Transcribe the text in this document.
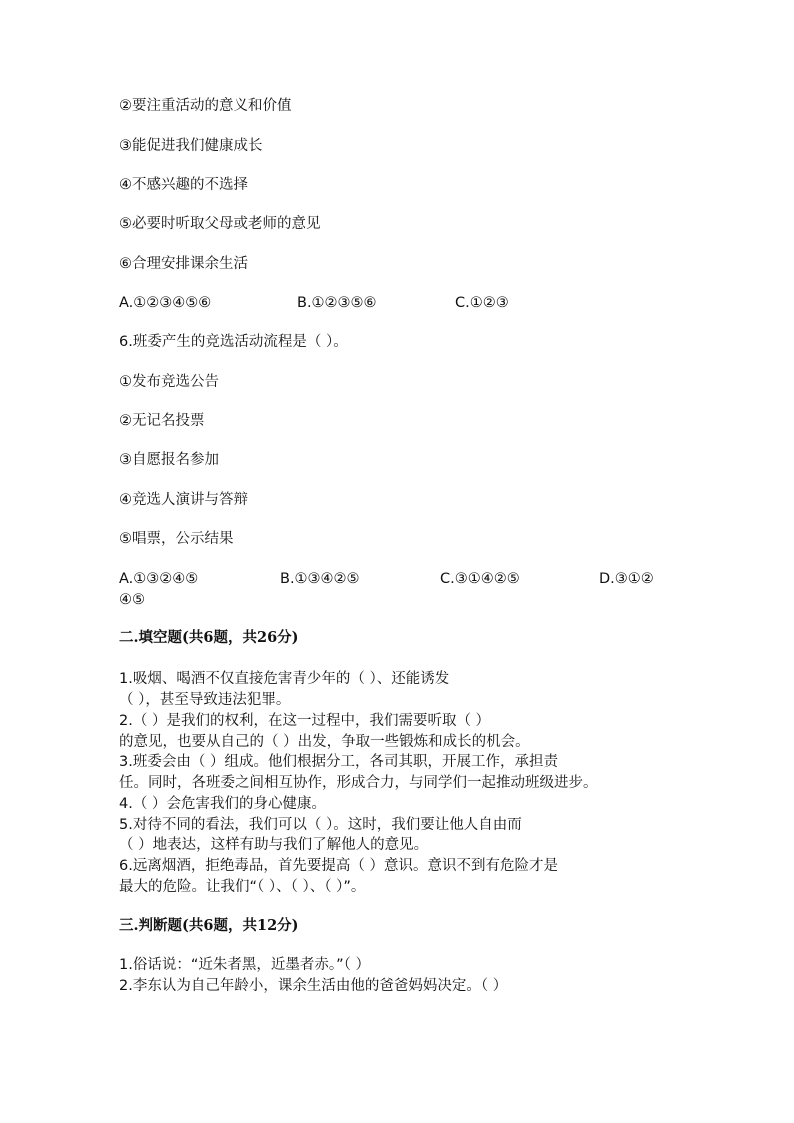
②要注重活动的意义和价值
③能促进我们健康成长
④不感兴趣的不选择
⑤必要时听取父母或老师的意见
⑥合理安排课余生活
A.①②③④⑤⑥	B.①②③⑤⑥	C.①②③
6.班委产生的竞选活动流程是（ ）。
①发布竞选公告
②无记名投票
③自愿报名参加
④竞选人演讲与答辩
⑤唱票，公示结果
A.①③②④⑤	B.①③④②⑤	C.③①④②⑤	D.③①②
④⑤
二.填空题(共6题，共26分)
1.吸烟、喝酒不仅直接危害青少年的（ ）、还能诱发
（ ），甚至导致违法犯罪。
2.（ ）是我们的权利，在这一过程中，我们需要听取（ ）
的意见，也要从自己的（ ）出发，争取一些锻炼和成长的机会。
3.班委会由（ ）组成。他们根据分工，各司其职，开展工作，承担责
任。同时，各班委之间相互协作，形成合力，与同学们一起推动班级进步。
4.（ ）会危害我们的身心健康。
5.对待不同的看法，我们可以（ ）。这时，我们要让他人自由而
（ ）地表达，这样有助与我们了解他人的意见。
6.远离烟酒，拒绝毒品，首先要提高（ ）意识。意识不到有危险才是
最大的危险。让我们“（ ）、（ ）、（ ）”。
三.判断题(共6题，共12分)
1.俗话说：“近朱者黑，近墨者赤。”（ ）
2.李东认为自己年龄小，课余生活由他的爸爸妈妈决定。（ ）
